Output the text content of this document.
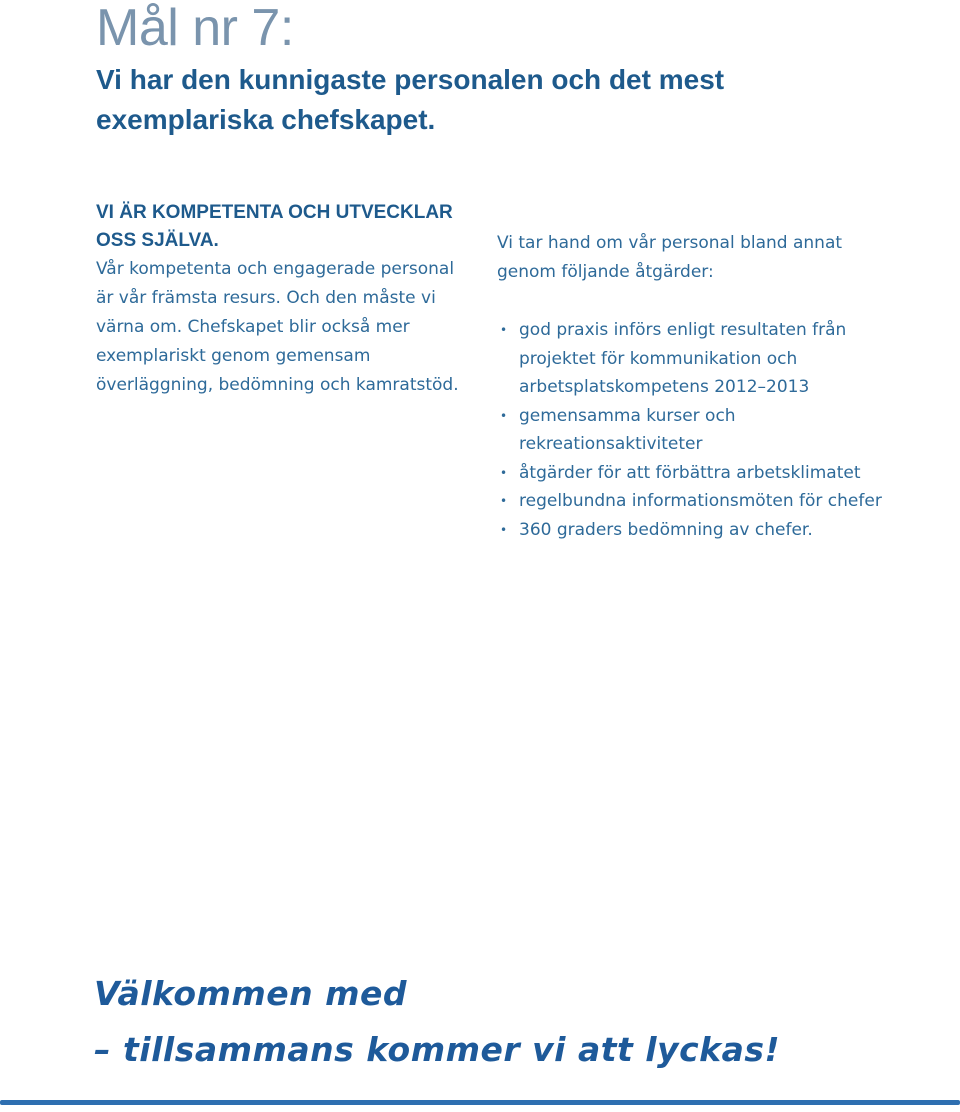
Mål nr 7:
Vi har den kunnigaste personalen och det mest exemplariska chefskapet.

VI ÄR KOMPETENTA OCH UTVECKLAR OSS SJÄLVA.

Vår kompetenta och engagerade personal är vår främsta resurs. Och den måste vi värna om. Chefskapet blir också mer exemplariskt genom gemensam överläggning, bedömning och kamratstöd.

Vi tar hand om vår personal bland annat genom följande åtgärder:

• god praxis införs enligt resultaten från projektet för kommunikation och arbetsplatskompetens 2012–2013
• gemensamma kurser och rekreationsaktiviteter
• åtgärder för att förbättra arbetsklimatet
• regelbundna informationsmöten för chefer
• 360 graders bedömning av chefer.
Välkommen med
– tillsammans kommer vi att lyckas!
